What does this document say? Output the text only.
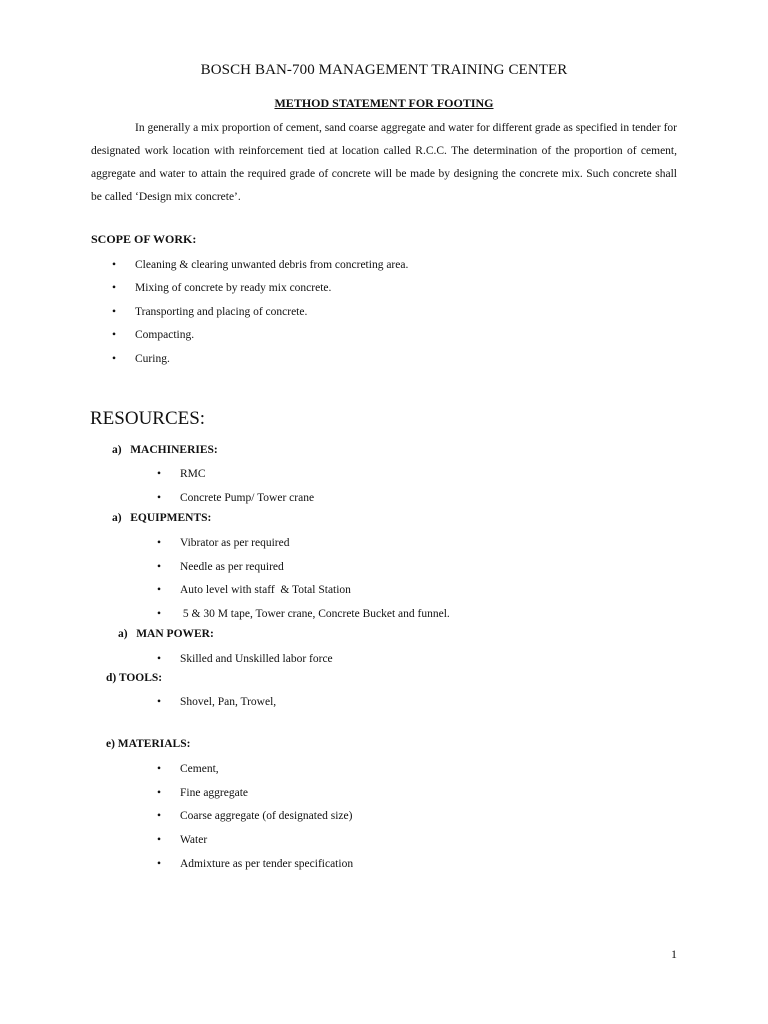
BOSCH BAN-700 MANAGEMENT TRAINING CENTER
METHOD STATEMENT FOR FOOTING

In generally a mix proportion of cement, sand coarse aggregate and water for different grade as specified in tender for designated work location with reinforcement tied at location called R.C.C. The determination of the proportion of cement, aggregate and water to attain the required grade of concrete will be made by designing the concrete mix. Such concrete shall be called ‘Design mix concrete’.

SCOPE OF WORK:
• Cleaning & clearing unwanted debris from concreting area.
• Mixing of concrete by ready mix concrete.
• Transporting and placing of concrete.
• Compacting.
• Curing.
RESOURCES:
a)   MACHINERIES:
• RMC
• Concrete Pump/ Tower crane
a)   EQUIPMENTS:
• Vibrator as per required
• Needle as per required
• Auto level with staff  & Total Station
• 5 & 30 M tape, Tower crane, Concrete Bucket and funnel.
a)   MAN POWER:
• Skilled and Unskilled labor force
d) TOOLS:
• Shovel, Pan, Trowel,
e) MATERIALS:
• Cement,
• Fine aggregate
• Coarse aggregate (of designated size)
• Water
• Admixture as per tender specification
1
